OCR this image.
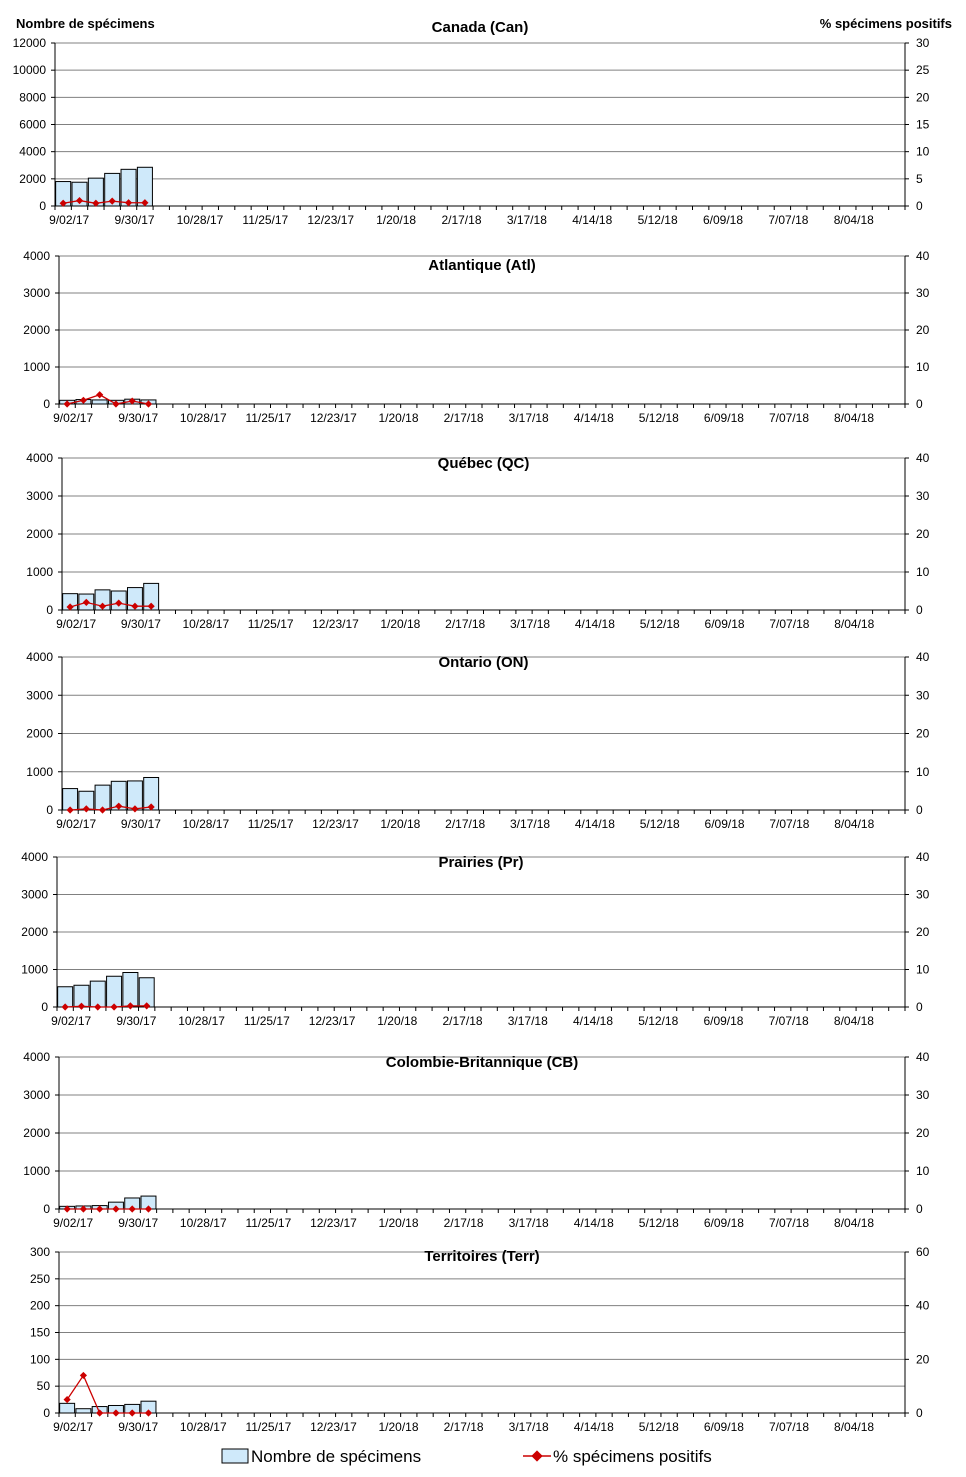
Nombre de spécimens	% spécimens positifs
0
2000
4000
6000
8000
10000
12000
0
5
10
15
20
25
30
Canada (Can)
9/02/17 9/30/17 10/28/17 11/25/17 12/23/17 1/20/18 2/17/18 3/17/18 4/14/18 5/12/18 6/09/18 7/07/18 8/04/18
0
1000
2000
3000
4000
0
10
20
30
40
Atlantique (Atl)
9/02/17 9/30/17 10/28/17 11/25/17 12/23/17 1/20/18 2/17/18 3/17/18 4/14/18 5/12/18 6/09/18 7/07/18 8/04/18
0
1000
2000
3000
4000
0
10
20
30
40
Québec (QC)
9/02/17 9/30/17 10/28/17 11/25/17 12/23/17 1/20/18 2/17/18 3/17/18 4/14/18 5/12/18 6/09/18 7/07/18 8/04/18
0
1000
2000
3000
4000
0
10
20
30
40
Ontario (ON)
9/02/17 9/30/17 10/28/17 11/25/17 12/23/17 1/20/18 2/17/18 3/17/18 4/14/18 5/12/18 6/09/18 7/07/18 8/04/18
0
1000
2000
3000
4000
0
10
20
30
40
Prairies (Pr)
9/02/17 9/30/17 10/28/17 11/25/17 12/23/17 1/20/18 2/17/18 3/17/18 4/14/18 5/12/18 6/09/18 7/07/18 8/04/18
0
1000
2000
3000
4000
0
10
20
30
40
Colombie-Britannique (CB)
9/02/17 9/30/17 10/28/17 11/25/17 12/23/17 1/20/18 2/17/18 3/17/18 4/14/18 5/12/18 6/09/18 7/07/18 8/04/18
0
50
100
150
200
250
300
0
20
40
60
Territoires (Terr)
9/02/17 9/30/17 10/28/17 11/25/17 12/23/17 1/20/18 2/17/18 3/17/18 4/14/18 5/12/18 6/09/18 7/07/18 8/04/18
Nombre de spécimens	% spécimens positifs
